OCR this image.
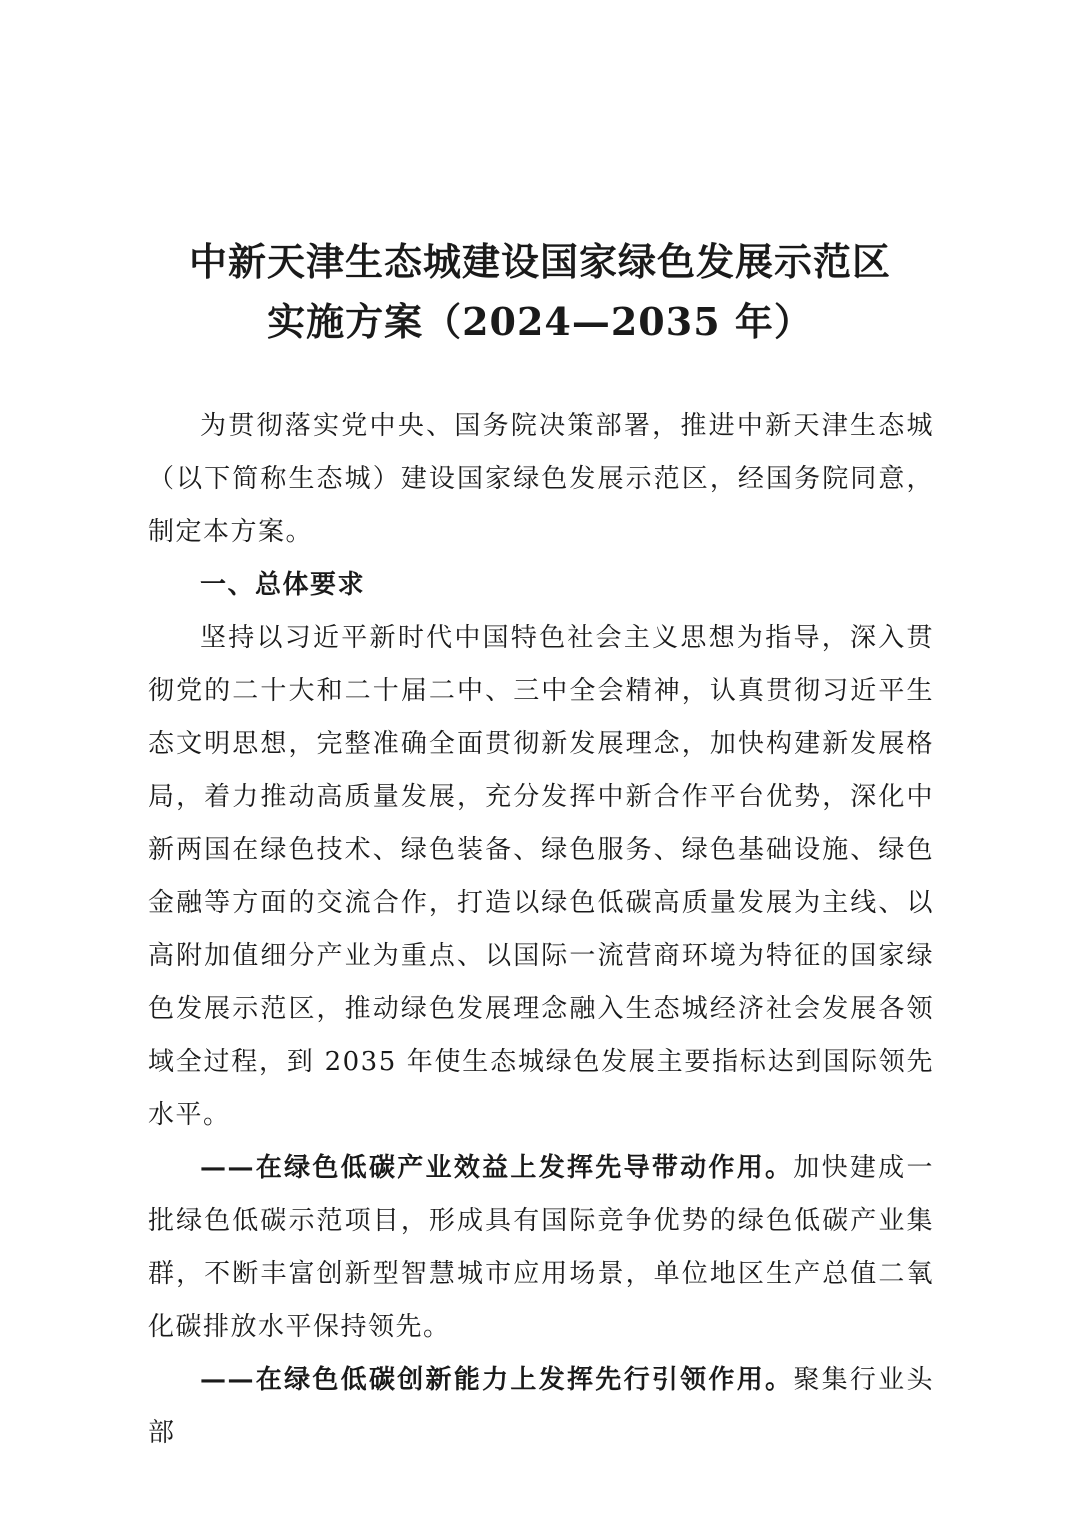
中新天津生态城建设国家绿色发展示范区
实施方案（2024—2035 年）

为贯彻落实党中央、国务院决策部署，推进中新天津生态城（以下简称生态城）建设国家绿色发展示范区，经国务院同意，制定本方案。

一、总体要求

坚持以习近平新时代中国特色社会主义思想为指导，深入贯彻党的二十大和二十届二中、三中全会精神，认真贯彻习近平生态文明思想，完整准确全面贯彻新发展理念，加快构建新发展格局，着力推动高质量发展，充分发挥中新合作平台优势，深化中新两国在绿色技术、绿色装备、绿色服务、绿色基础设施、绿色金融等方面的交流合作，打造以绿色低碳高质量发展为主线、以高附加值细分产业为重点、以国际一流营商环境为特征的国家绿色发展示范区，推动绿色发展理念融入生态城经济社会发展各领域全过程，到 2035 年使生态城绿色发展主要指标达到国际领先水平。

——在绿色低碳产业效益上发挥先导带动作用。加快建成一批绿色低碳示范项目，形成具有国际竞争优势的绿色低碳产业集群，不断丰富创新型智慧城市应用场景，单位地区生产总值二氧化碳排放水平保持领先。

——在绿色低碳创新能力上发挥先行引领作用。聚集行业头部
